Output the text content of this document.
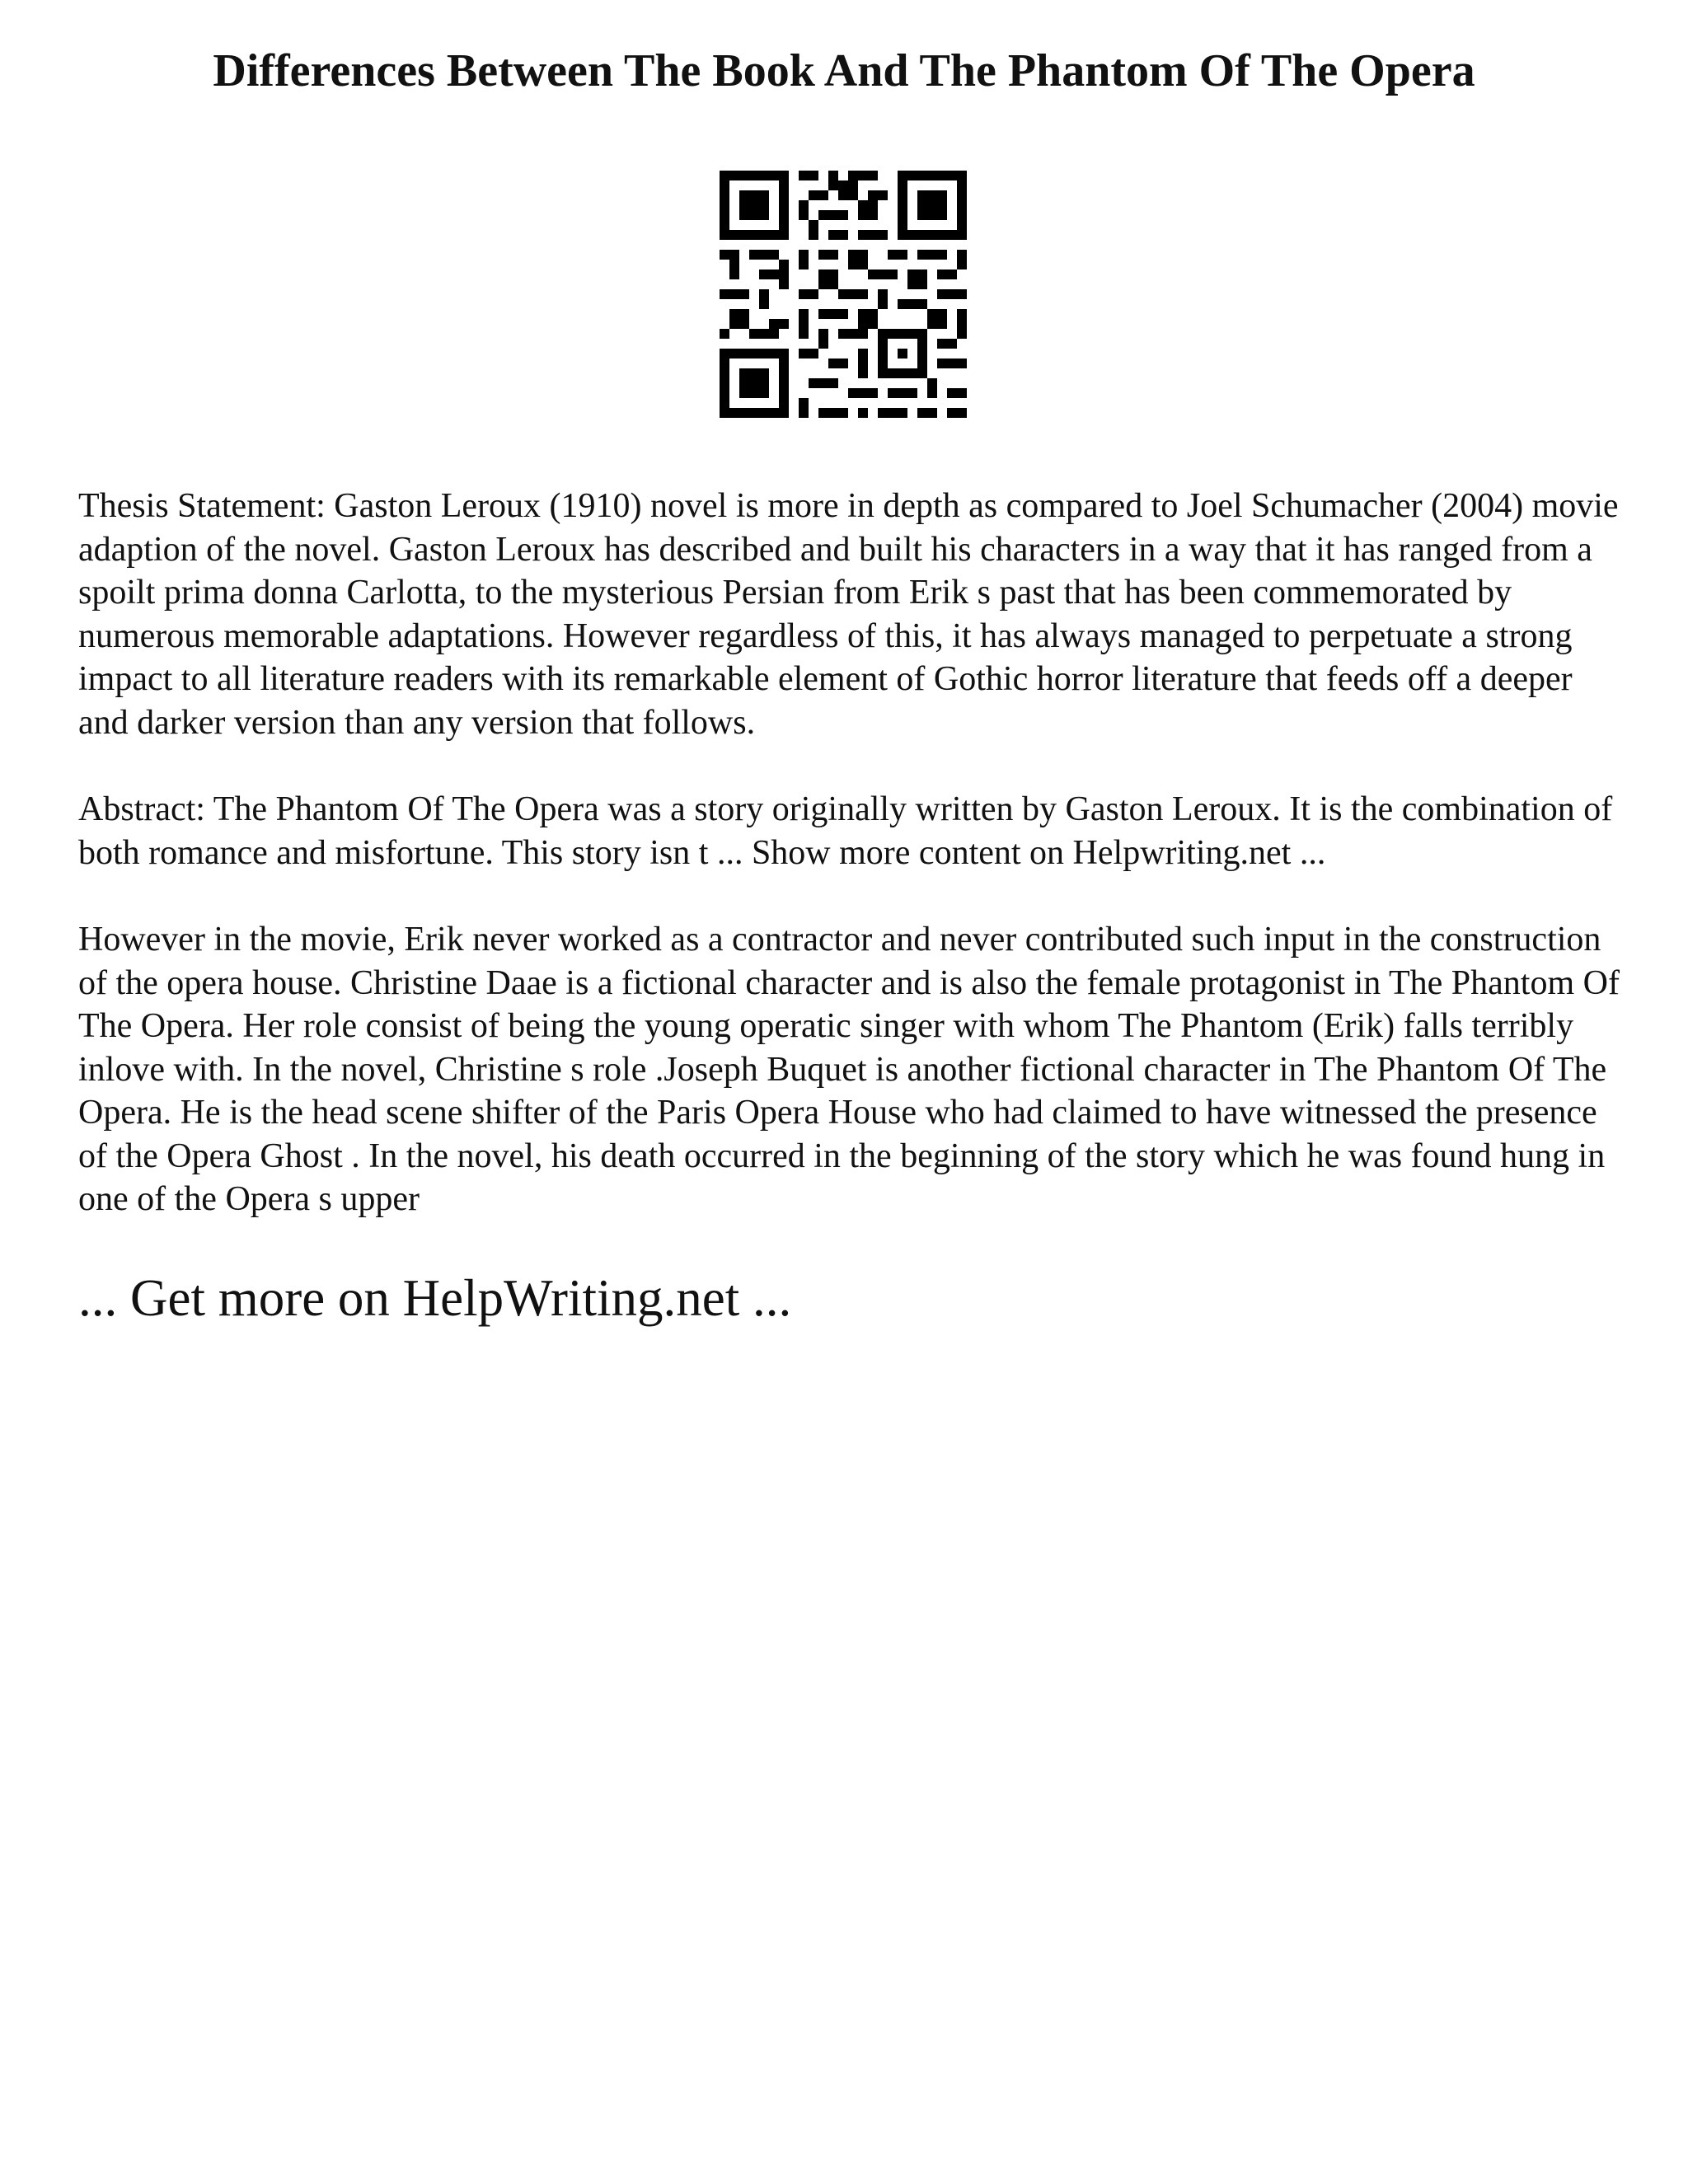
Differences Between The Book And The Phantom Of The Opera

Thesis Statement: Gaston Leroux (1910) novel is more in depth as compared to Joel Schumacher (2004) movie adaption of the novel. Gaston Leroux has described and built his characters in a way that it has ranged from a spoilt prima donna Carlotta, to the mysterious Persian from Erik s past that has been commemorated by numerous memorable adaptations. However regardless of this, it has always managed to perpetuate a strong impact to all literature readers with its remarkable element of Gothic horror literature that feeds off a deeper and darker version than any version that follows.

Abstract: The Phantom Of The Opera was a story originally written by Gaston Leroux. It is the combination of both romance and misfortune. This story isn t ... Show more content on Helpwriting.net ...

However in the movie, Erik never worked as a contractor and never contributed such input in the construction of the opera house. Christine Daae is a fictional character and is also the female protagonist in The Phantom Of The Opera. Her role consist of being the young operatic singer with whom The Phantom (Erik) falls terribly inlove with. In the novel, Christine s role .Joseph Buquet is another fictional character in The Phantom Of The Opera. He is the head scene shifter of the Paris Opera House who had claimed to have witnessed the presence of the Opera Ghost . In the novel, his death occurred in the beginning of the story which he was found hung in one of the Opera s upper

... Get more on HelpWriting.net ...
